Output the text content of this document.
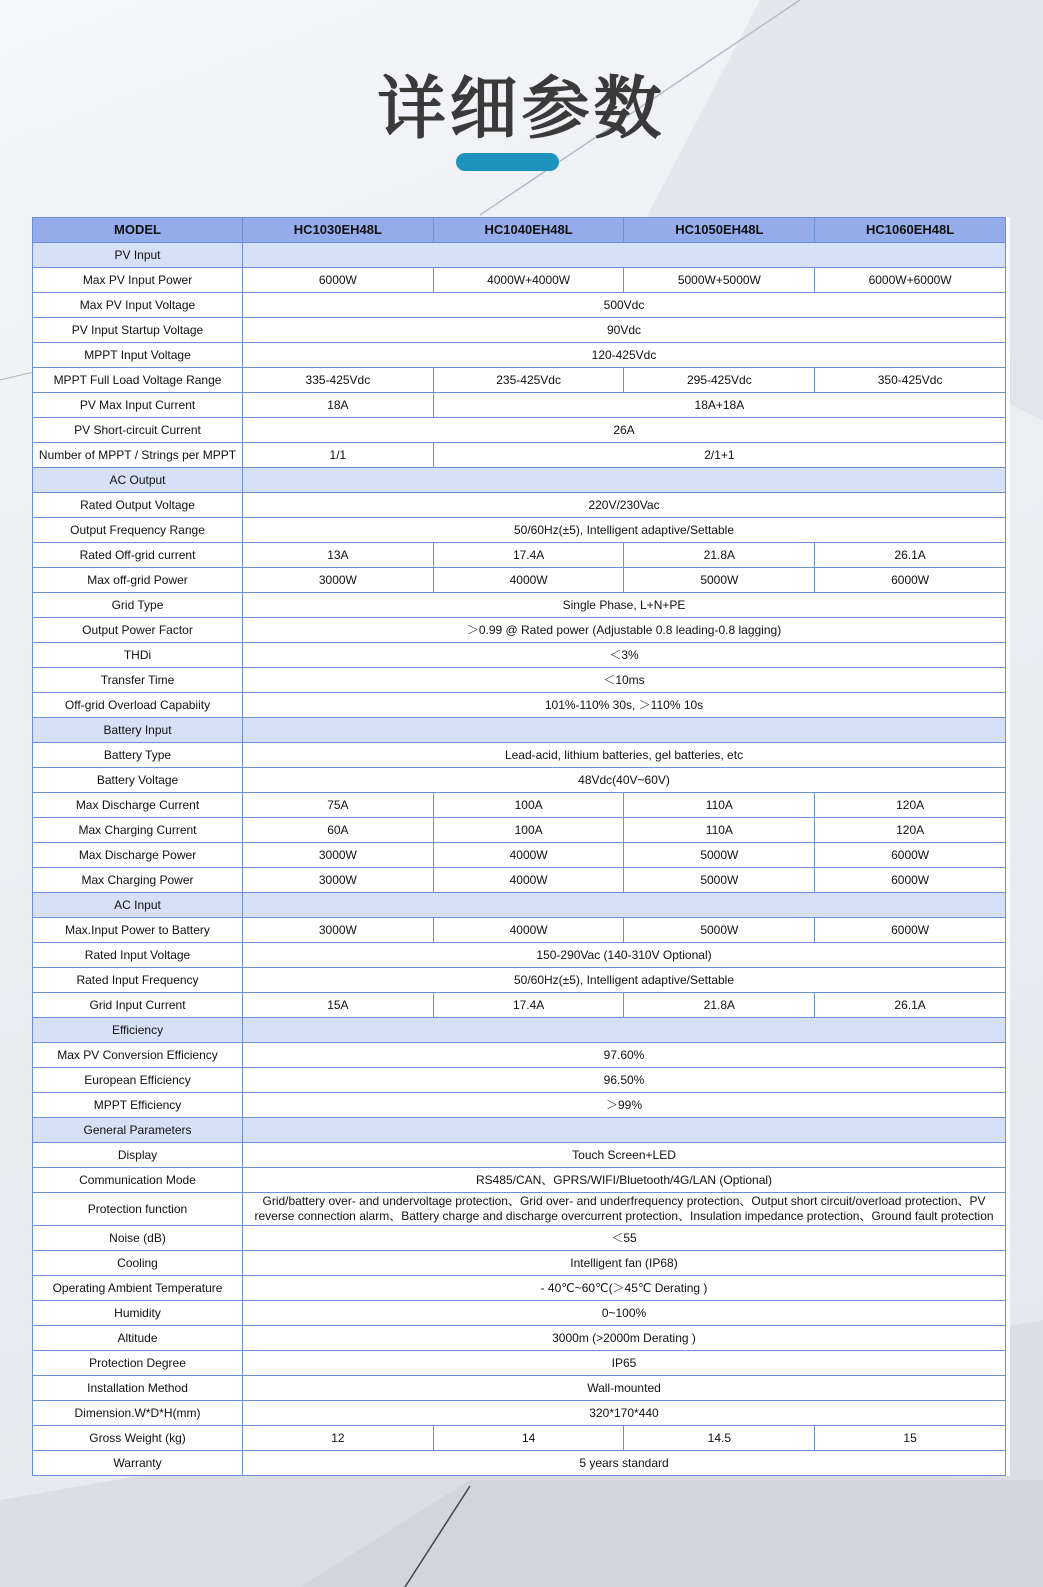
详细参数
MODEL	HC1030EH48L	HC1040EH48L	HC1050EH48L	HC1060EH48L
PV Input				
Max PV Input Power	6000W	4000W+4000W	5000W+5000W	6000W+6000W
Max PV Input Voltage	500Vdc			
PV Input Startup Voltage	90Vdc			
MPPT Input Voltage	120-425Vdc			
MPPT Full Load Voltage Range	335-425Vdc	235-425Vdc	295-425Vdc	350-425Vdc
PV Max Input Current	18A	18A+18A		
PV Short-circuit Current	26A			
Number of MPPT / Strings per MPPT	1/1	2/1+1		
AC Output				
Rated Output Voltage	220V/230Vac			
Output Frequency Range	50/60Hz(±5), Intelligent adaptive/Settable			
Rated Off-grid current	13A	17.4A	21.8A	26.1A
Max off-grid Power	3000W	4000W	5000W	6000W
Grid Type	Single Phase, L+N+PE			
Output Power Factor	＞0.99 @ Rated power (Adjustable 0.8 leading-0.8 lagging)			
THDi	＜3%			
Transfer Time	＜10ms			
Off-grid Overload Capabiity	101%-110% 30s, ＞110% 10s			
Battery Input				
Battery Type	Lead-acid, lithium batteries, gel batteries, etc			
Battery Voltage	48Vdc(40V~60V)			
Max Discharge Current	75A	100A	110A	120A
Max Charging Current	60A	100A	110A	120A
Max Discharge Power	3000W	4000W	5000W	6000W
Max Charging Power	3000W	4000W	5000W	6000W
AC Input				
Max.Input Power to Battery	3000W	4000W	5000W	6000W
Rated Input Voltage	150-290Vac (140-310V Optional)			
Rated Input Frequency	50/60Hz(±5), Intelligent adaptive/Settable			
Grid Input Current	15A	17.4A	21.8A	26.1A
Efficiency				
Max PV Conversion Efficiency	97.60%			
European Efficiency	96.50%			
MPPT Efficiency	＞99%			
General Parameters				
Display	Touch Screen+LED			
Communication Mode	RS485/CAN、GPRS/WIFI/Bluetooth/4G/LAN (Optional)			
Protection function	Grid/battery over- and undervoltage protection、Grid over- and underfrequency protection、Output short circuit/overload protection、PV reverse connection alarm、Battery charge and discharge overcurrent protection、Insulation impedance protection、Ground fault protection			
Noise (dB)	＜55			
Cooling	Intelligent fan (IP68)			
Operating Ambient Temperature	- 40℃~60℃(＞45℃ Derating )			
Humidity	0~100%			
Altitude	3000m (>2000m Derating )			
Protection Degree	IP65			
Installation Method	Wall-mounted			
Dimension.W*D*H(mm)	320*170*440			
Gross Weight (kg)	12	14	14.5	15
Warranty	5 years standard			
